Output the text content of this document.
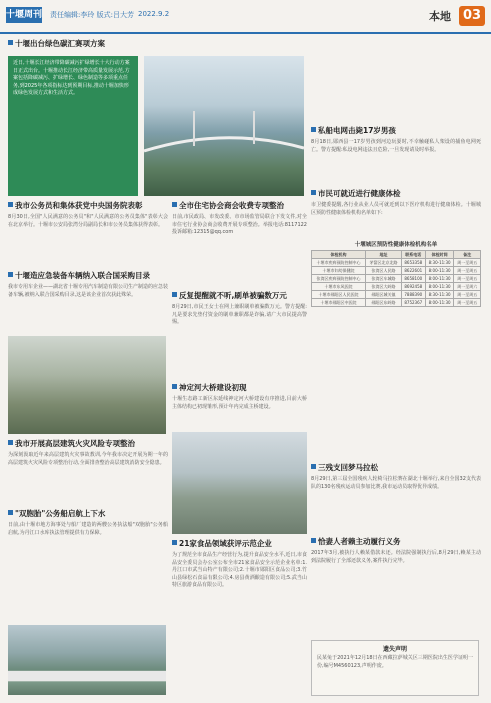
十堰周刊 责任编辑:李玲 版式:吕大芳 2022.9.2	本地 03
十堰出台绿色碳汇赛项方案

近日,十堰长江经济带降碳减污扩绿增长十大行动方案日正式出台。十堰推动长江经济带高质量发展示范,方案包括降碳减污、扩绿增长、绿色制造等多项重点任务,到2025年各项指标达到预期目标,推动十堰加快形成绿色发展方式和生活方式。

我市公务员和集体获党中央国务院表彰

8月30日,全国"人民满意的公务员"和"人民满意的公务员集体"表彰大会在北京举行。十堰市公安局张湾分局副局长和市公务员集体获得表彰。

十堰造应急装备车辆纳入联合国采购目录

我市专用车企业——湖北省十堰专用汽车制造有限公司生产制造的应急装备车辆,被纳入联合国采购目录,这是该企业首次获此殊荣。

我市开展高层建筑火灾风险专项整治

为深刻汲取近年来高层建筑火灾事故教训,今年我市决定开展为期一年的高层建筑火灾风险专项整治行动,全面排查整治高层建筑消防安全隐患。

"双胞胎"公务船启航上下水

日前,由十堰市地方海事处与船厂建造的两艘公务执法船"双胞胎"公务船启航,为丹江口水库执法管理提供有力保障。

全市住宅协会商会收费专项整治

日前,市民政局、市发改委、市市场监管局联合下发文件,对全市住宅行业协会商会收费开展专项整治。举报电话:8117122 投诉邮箱:12315@qq.com

反复提醒就不听,刷单被骗数万元

8月29日,市民王女士在网上兼职刷单被骗数万元。警方提醒:凡是要求先垫付资金的刷单兼职都是诈骗,请广大市民提高警惕。

神定河大桥建设初现

十堰生态路工新区东延线神定河大桥建设有序推进,目前大桥主体结构已初现雏形,预计年内完成主桥建设。

21家食品领域获评示范企业

为了规范全市食品生产经营行为,提升食品安全水平,近日,市食品安全委员会办公室公布全市21家食品安全示范企业名单:1.丹江口市武当山特产有限公司;2.十堰市郧阳区食品公司;3.竹山县绿松石食品有限公司;4.房县黄酒酿造有限公司;5.武当山特区旅游食品有限公司。

私船电网击毙17岁男孩

8月18日,郧西县一17岁男孩到河边玩耍时,不幸触碰私人架设的捕鱼电网死亡。警方提醒:私设电网违法且危险,一旦发现请及时举报。

市民可就近进行健康体检

市卫健委提醒,各行业从业人员可就近到以下医疗机构进行健康体检。十堰城区预防性健康体检机构名单如下:

十堰城区预防性健康体检机构名单
体检机构	地址	联系电话	体检时间	备注
十堰市疾病预防控制中心	茅箭区北京北路	8653358	8:30-11:30	周一至周五
十堰市妇幼保健院	张湾区人民路	8622601	8:00-11:30	周一至周五
张湾区疾病预防控制中心	张湾区车城路	8658100	8:00-11:30	周一至周五
十堰市东风医院	张湾区大岭路	8692458	8:00-11:30	周一至周六
十堰市郧阳区人民医院	郧阳区城关镇	7888390	8:30-11:30	周一至周五
十堰市郧阳区中医院	郧阳区东岭路	8752367	8:00-11:30	周一至周五
三残支回梦马拉松

8月29日,第三届全国残疾人轮椅马拉松赛在湖北十堰举行,来自全国32支代表队的130名残疾运动员参加比赛,我市运动员取得优异成绩。

恰妻人者赖主动履行义务

2017年3月,被执行人赖某借款未还。经法院强制执行后,8月29日,赖某主动到法院履行了全部还款义务,案件执行完毕。

遗失声明

民某兔于2021年12月18日在西藏拉萨城关区三期医院出生医学证明一份,编号M4560123,声明作废。
